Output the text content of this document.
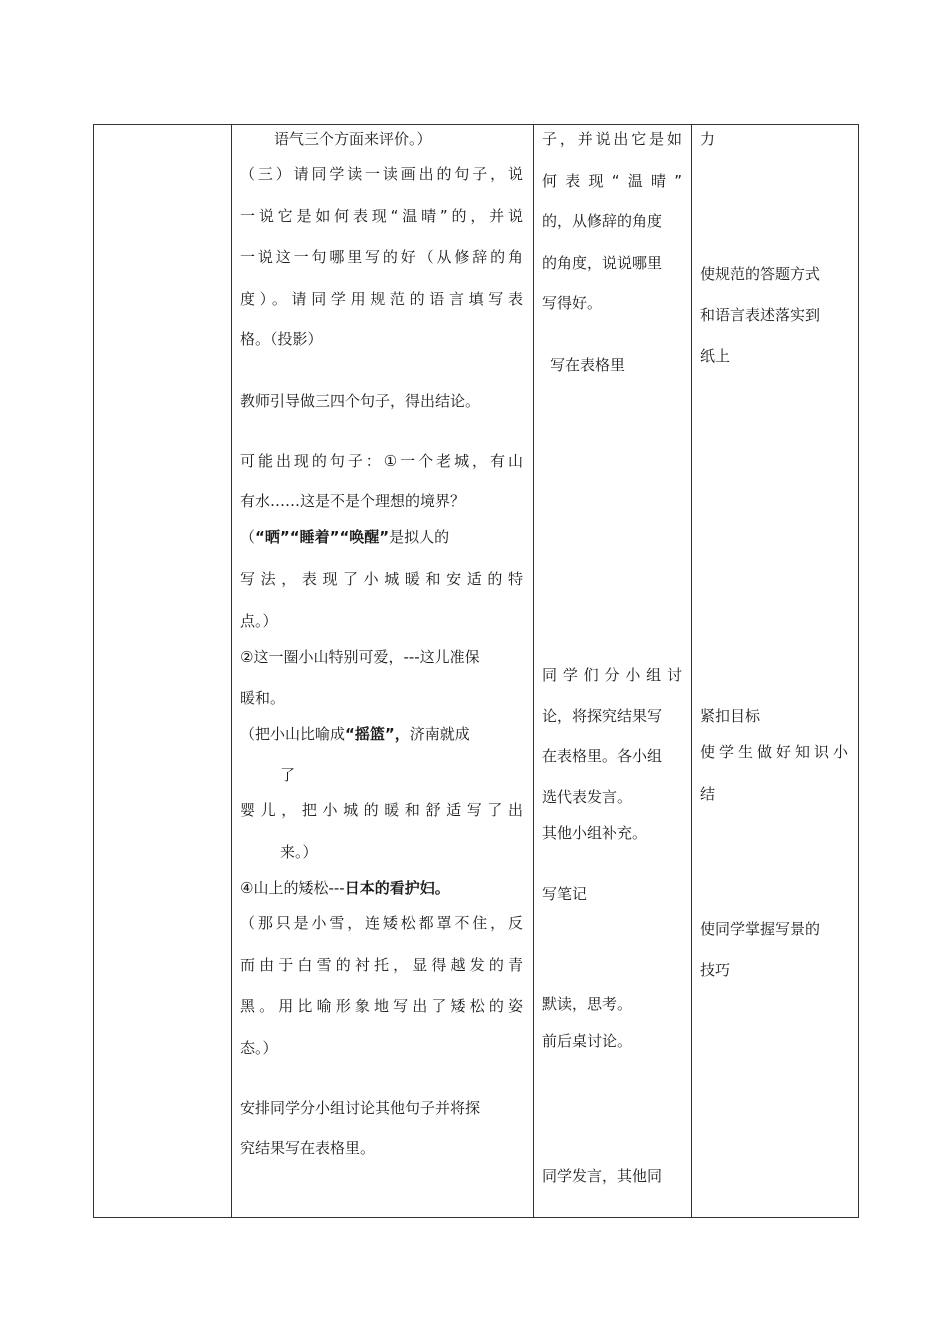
语气三个方面来评价。）
（三）请同学读一读画出的句子，说
一说它是如何表现“温晴”的，并说
一说这一句哪里写的好（从修辞的角
度）。请同学用规范的语言填写表
格。（投影）
教师引导做三四个句子，得出结论。
可能出现的句子：①一个老城，有山
有水……这是不是个理想的境界？
（“晒”“睡着”“唤醒”是拟人的
写法，表现了小城暖和安适的特
点。）
②这一圈小山特别可爱，---这儿准保
暖和。
（把小山比喻成“摇篮”，济南就成
了
婴儿，把小城的暖和舒适写了出
来。）
④山上的矮松---日本的看护妇。
（那只是小雪，连矮松都罩不住，反
而由于白雪的衬托，显得越发的青
黑。用比喻形象地写出了矮松的姿
态。）
安排同学分小组讨论其他句子并将探
究结果写在表格里。

子，并说出它是如
何表现“温晴”
的，从修辞的角度
的角度，说说哪里
写得好。
写在表格里
同学们分小组讨
论，将探究结果写
在表格里。各小组
选代表发言。
其他小组补充。
写笔记
默读，思考。
前后桌讨论。
同学发言，其他同

力
使规范的答题方式
和语言表述落实到
纸上
紧扣目标
使学生做好知识小
结
使同学掌握写景的
技巧
